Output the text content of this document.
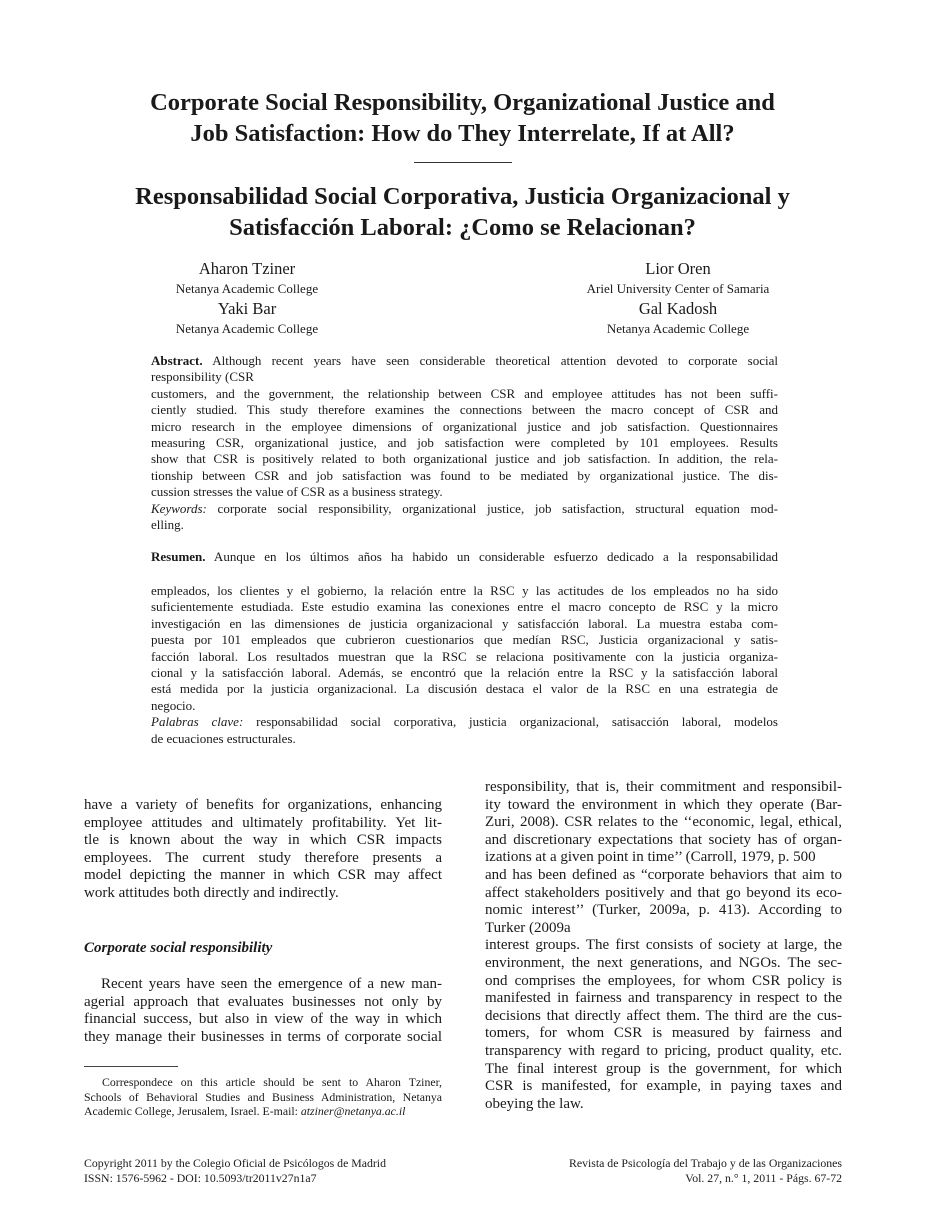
Corporate Social Responsibility, Organizational Justice and
Job Satisfaction: How do They Interrelate, If at All?
Responsabilidad Social Corporativa, Justicia Organizacional y
Satisfacción Laboral: ¿Como se Relacionan?
Aharon Tziner
Netanya Academic College
Yaki Bar
Netanya Academic College
Lior Oren
Ariel University Center of Samaria
Gal Kadosh
Netanya Academic College
Abstract. Although recent years have seen considerable theoretical attention devoted to corporate social
responsibility (CSR
customers, and the government, the relationship between CSR and employee attitudes has not been suffi-
ciently studied. This study therefore examines the connections between the macro concept of CSR and
micro research in the employee dimensions of organizational justice and job satisfaction. Questionnaires
measuring CSR, organizational justice, and job satisfaction were completed by 101 employees. Results
show that CSR is positively related to both organizational justice and job satisfaction. In addition, the rela-
tionship between CSR and job satisfaction was found to be mediated by organizational justice. The dis-
cussion stresses the value of CSR as a business strategy.
Keywords: corporate social responsibility, organizational justice, job satisfaction, structural equation mod-
elling.
Resumen. Aunque en los últimos años ha habido un considerable esfuerzo dedicado a la responsabilidad
empleados, los clientes y el gobierno, la relación entre la RSC y las actitudes de los empleados no ha sido
suficientemente estudiada. Este estudio examina las conexiones entre el macro concepto de RSC y la micro
investigación en las dimensiones de justicia organizacional y satisfacción laboral. La muestra estaba com-
puesta por 101 empleados que cubrieron cuestionarios que medían RSC, Justicia organizacional y satis-
facción laboral. Los resultados muestran que la RSC se relaciona positivamente con la justicia organiza-
cional y la satisfacción laboral. Además, se encontró que la relación entre la RSC y la satisfacción laboral
está medida por la justicia organizacional. La discusión destaca el valor de la RSC en una estrategia de
negocio.
Palabras clave: responsabilidad social corporativa, justicia organizacional, satisacción laboral, modelos
de ecuaciones estructurales.
have a variety of benefits for organizations, enhancing
employee attitudes and ultimately profitability. Yet lit-
tle is known about the way in which CSR impacts
employees. The current study therefore presents a
model depicting the manner in which CSR may affect
work attitudes both directly and indirectly.
Corporate social responsibility
Recent years have seen the emergence of a new man-
agerial approach that evaluates businesses not only by
financial success, but also in view of the way in which
they manage their businesses in terms of corporate social
Correspondece on this article should be sent to Aharon Tziner,
Schools of Behavioral Studies and Business Administration, Netanya
Academic College, Jerusalem, Israel. E-mail: atziner@netanya.ac.il
responsibility, that is, their commitment and responsibil-
ity toward the environment in which they operate (Bar-
Zuri, 2008). CSR relates to the ‘‘economic, legal, ethical,
and discretionary expectations that society has of organ-
izations at a given point in time’’ (Carroll, 1979, p. 500
and has been defined as “corporate behaviors that aim to
affect stakeholders positively and that go beyond its eco-
nomic interest’’ (Turker, 2009a, p. 413). According to
Turker (2009a
interest groups. The first consists of society at large, the
environment, the next generations, and NGOs. The sec-
ond comprises the employees, for whom CSR policy is
manifested in fairness and transparency in respect to the
decisions that directly affect them. The third are the cus-
tomers, for whom CSR is measured by fairness and
transparency with regard to pricing, product quality, etc.
The final interest group is the government, for which
CSR is manifested, for example, in paying taxes and
obeying the law.
Copyright 2011 by the Colegio Oficial de Psicólogos de Madrid
ISSN: 1576-5962 - DOI: 10.5093/tr2011v27n1a7
Revista de Psicología del Trabajo y de las Organizaciones
Vol. 27, n.° 1, 2011 - Págs. 67-72
